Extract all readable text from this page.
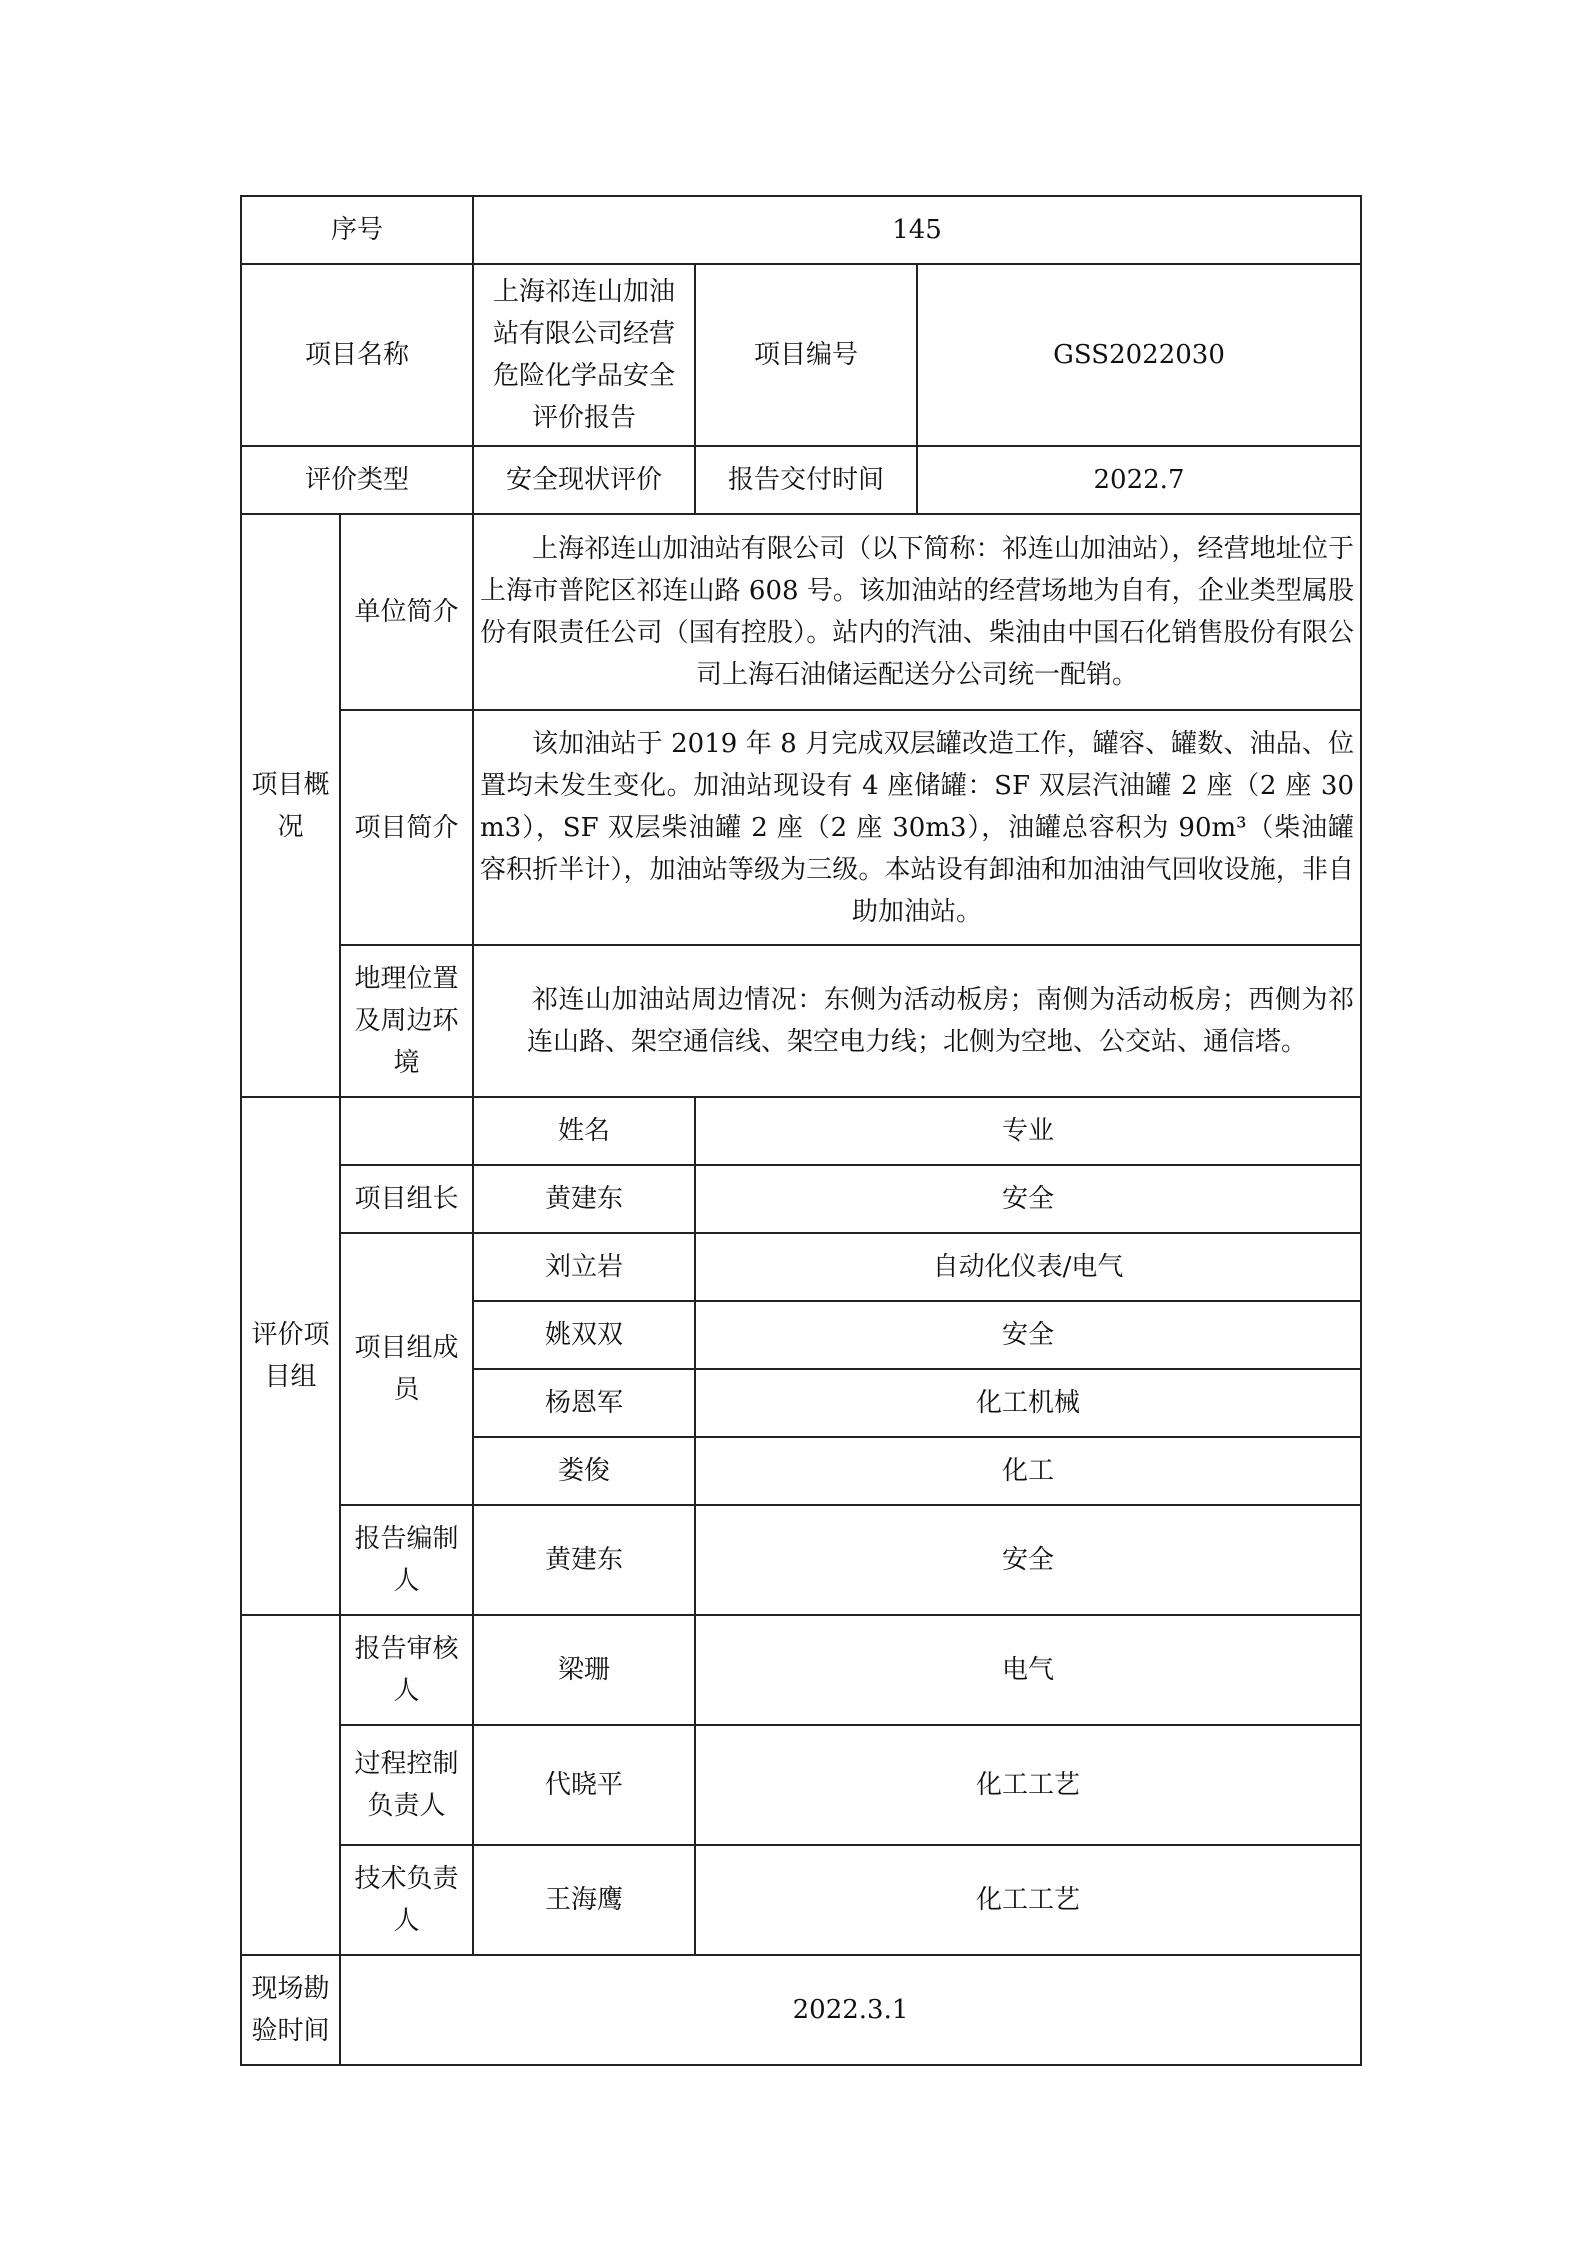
序号		145		
项目名称		上海祁连山加油站有限公司经营危险化学品安全评价报告	项目编号	GSS2022030
评价类型		安全现状评价	报告交付时间	2022.7
项目概况	单位简介	上海祁连山加油站有限公司（以下简称：祁连山加油站），经营地址位于上海市普陀区祁连山路 608 号。该加油站的经营场地为自有，企业类型属股份有限责任公司（国有控股）。站内的汽油、柴油由中国石化销售股份有限公司上海石油储运配送分公司统一配销。		

	项目简介	该加油站于 2019 年 8 月完成双层罐改造工作，罐容、罐数、油品、位置均未发生变化。加油站现设有 4 座储罐：SF 双层汽油罐 2 座（2 座 30m3），SF 双层柴油罐 2 座（2 座 30m3），油罐总容积为 90m³（柴油罐容积折半计），加油站等级为三级。本站设有卸油和加油油气回收设施，非自助加油站。		

	地理位置及周边环境	祁连山加油站周边情况：东侧为活动板房；南侧为活动板房；西侧为祁连山路、架空通信线、架空电力线；北侧为空地、公交站、通信塔。		

评价项目组		姓名	专业	
	项目组长	黄建东	安全	
	项目组成员	刘立岩	自动化仪表/电气	
		姚双双	安全	
		杨恩军	化工机械	
		娄俊	化工	
	报告编制人	黄建东	安全	
	报告审核人	梁珊	电气	
	过程控制负责人	代晓平	化工工艺	
	技术负责人	王海鹰	化工工艺	
现场勘验时间	2022.3.1			
